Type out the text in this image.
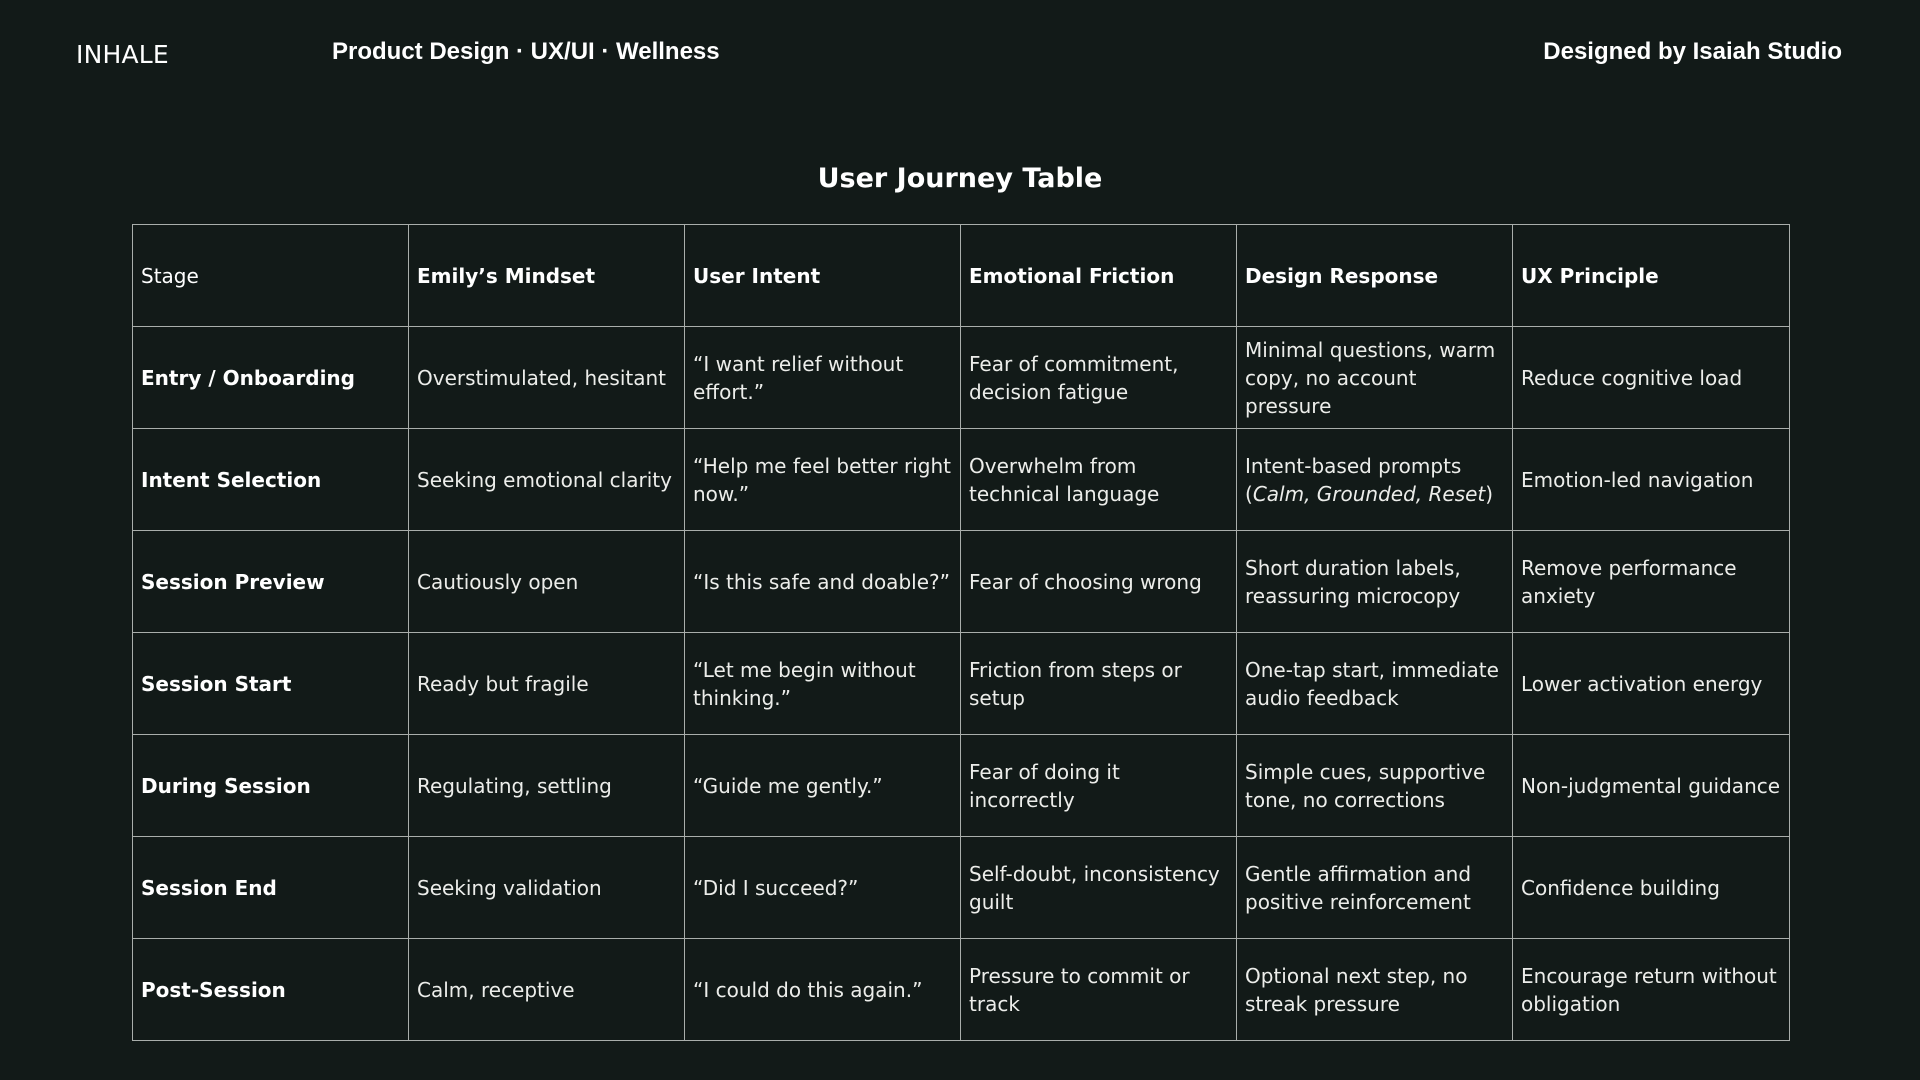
INHALE	Product Design · UX/UI · Wellness	Designed by Isaiah Studio
User Journey Table
Stage	Emily’s Mindset	User Intent	Emotional Friction	Design Response	UX Principle
Entry / Onboarding	Overstimulated, hesitant	“I want relief without effort.”	Fear of commitment, decision fatigue	Minimal questions, warm copy, no account pressure	Reduce cognitive load
Intent Selection	Seeking emotional clarity	“Help me feel better right now.”	Overwhelm from technical language	Intent-based prompts (Calm, Grounded, Reset)	Emotion-led navigation
Session Preview	Cautiously open	“Is this safe and doable?”	Fear of choosing wrong	Short duration labels, reassuring microcopy	Remove performance anxiety
Session Start	Ready but fragile	“Let me begin without thinking.”	Friction from steps or setup	One-tap start, immediate audio feedback	Lower activation energy
During Session	Regulating, settling	“Guide me gently.”	Fear of doing it incorrectly	Simple cues, supportive tone, no corrections	Non-judgmental guidance
Session End	Seeking validation	“Did I succeed?”	Self-doubt, inconsistency guilt	Gentle affirmation and positive reinforcement	Confidence building
Post-Session	Calm, receptive	“I could do this again.”	Pressure to commit or track	Optional next step, no streak pressure	Encourage return without obligation
